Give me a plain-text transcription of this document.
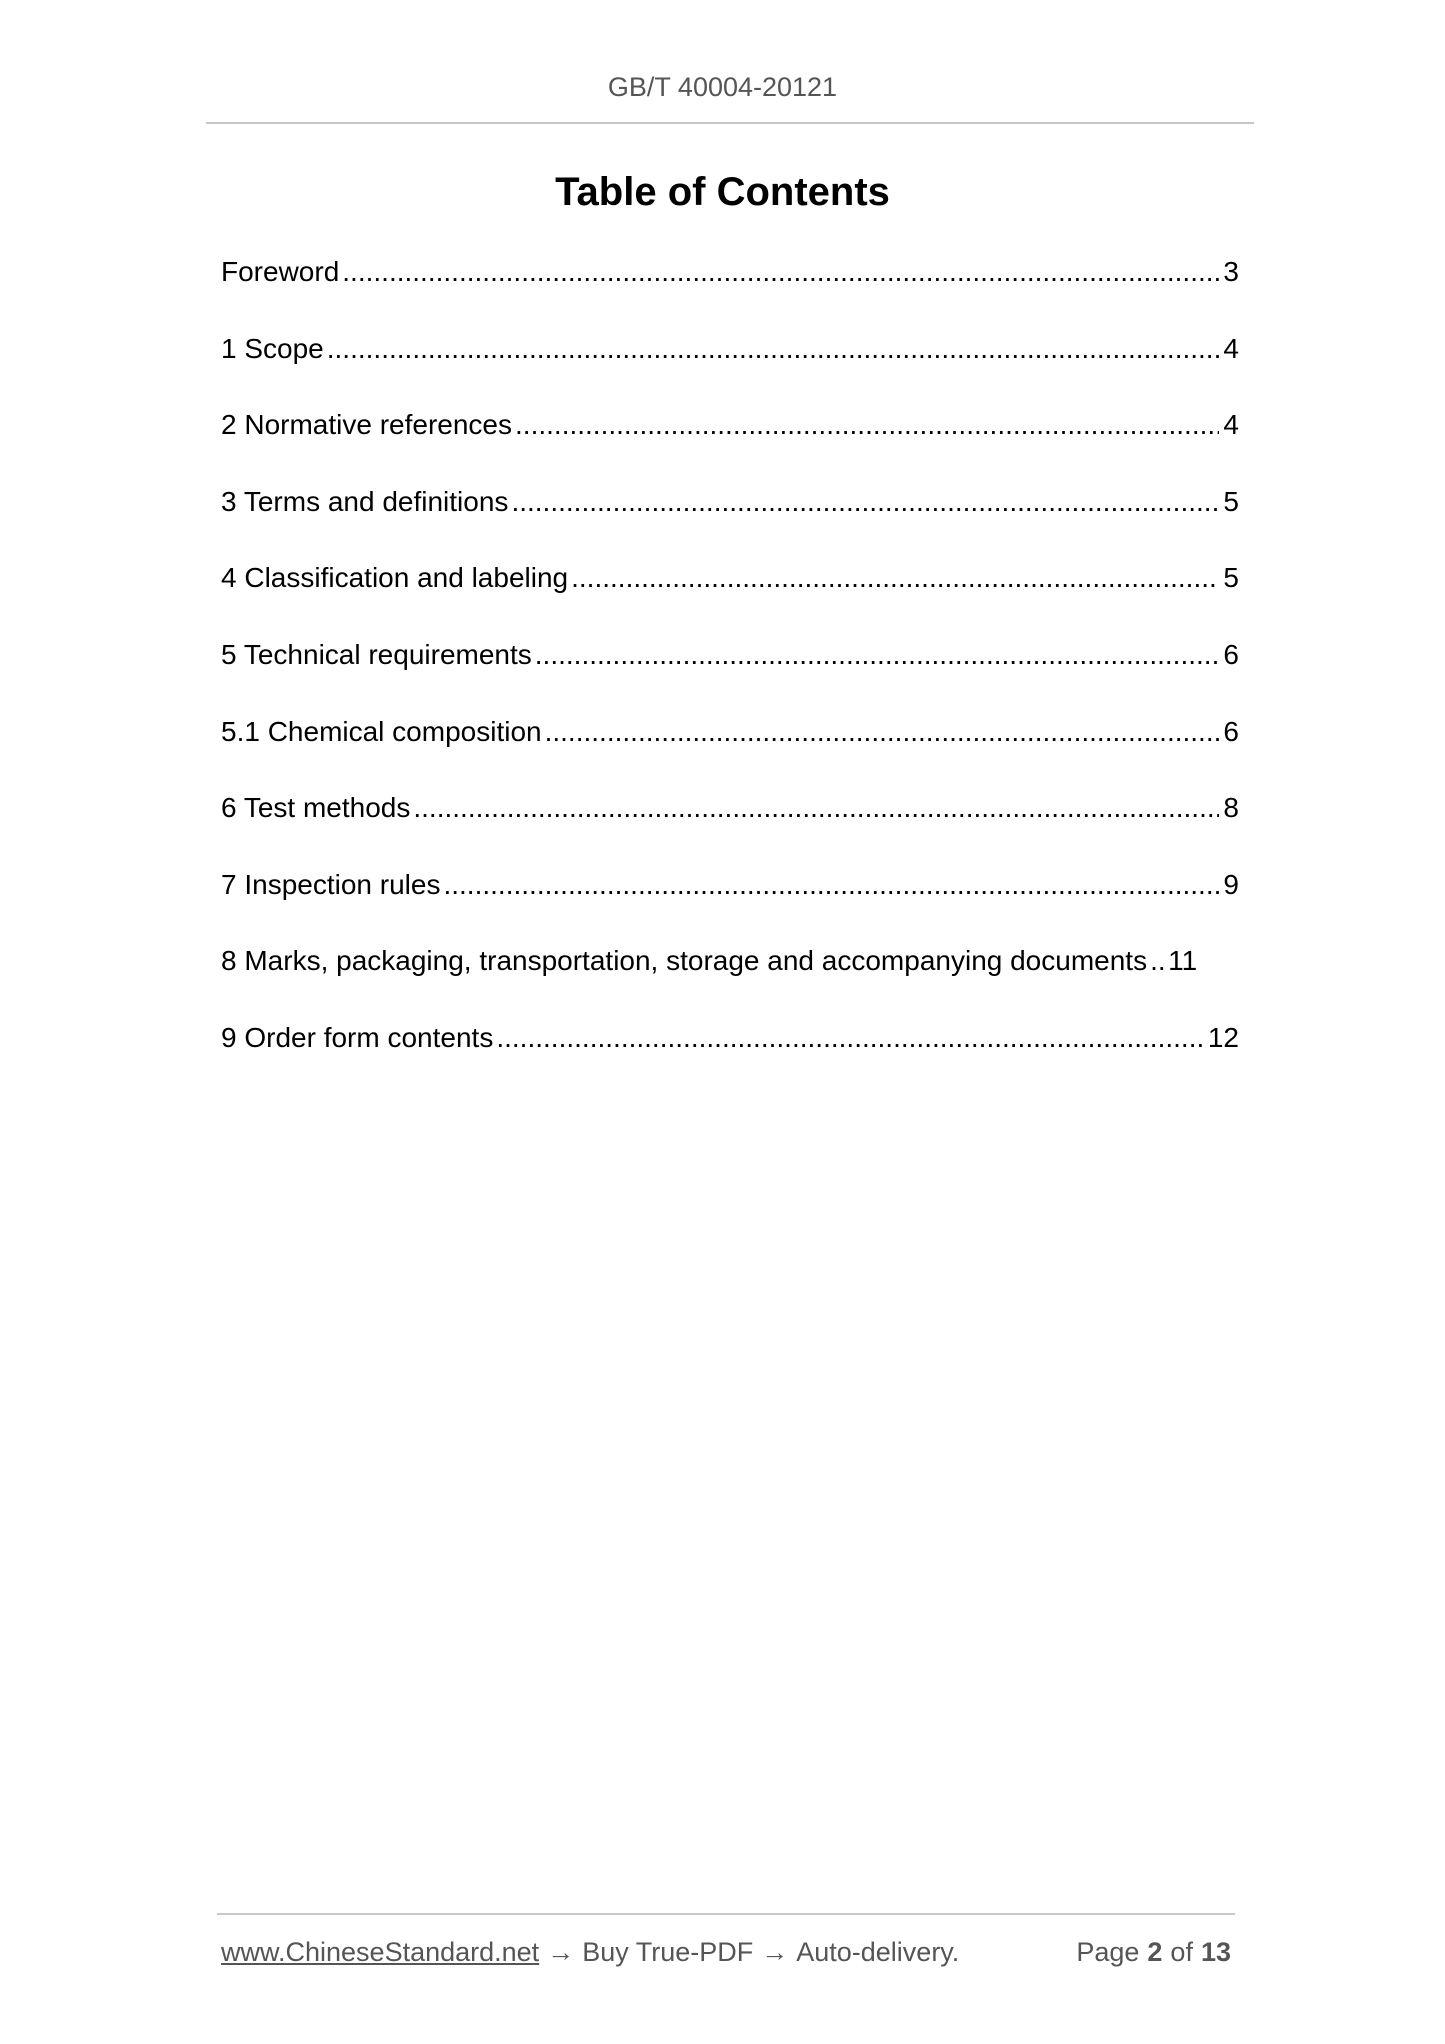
GB/T 40004-20121
Table of Contents
Foreword .....	3
1 Scope .....	4
2 Normative references .....	4
3 Terms and definitions .....	5
4 Classification and labeling .....	5
5 Technical requirements .....	6
5.1 Chemical composition .....	6
6 Test methods .....	8
7 Inspection rules .....	9
8 Marks, packaging, transportation, storage and accompanying documents ..... 11
9 Order form contents .....	12
www.ChineseStandard.net → Buy True-PDF → Auto-delivery.	Page 2 of 13
